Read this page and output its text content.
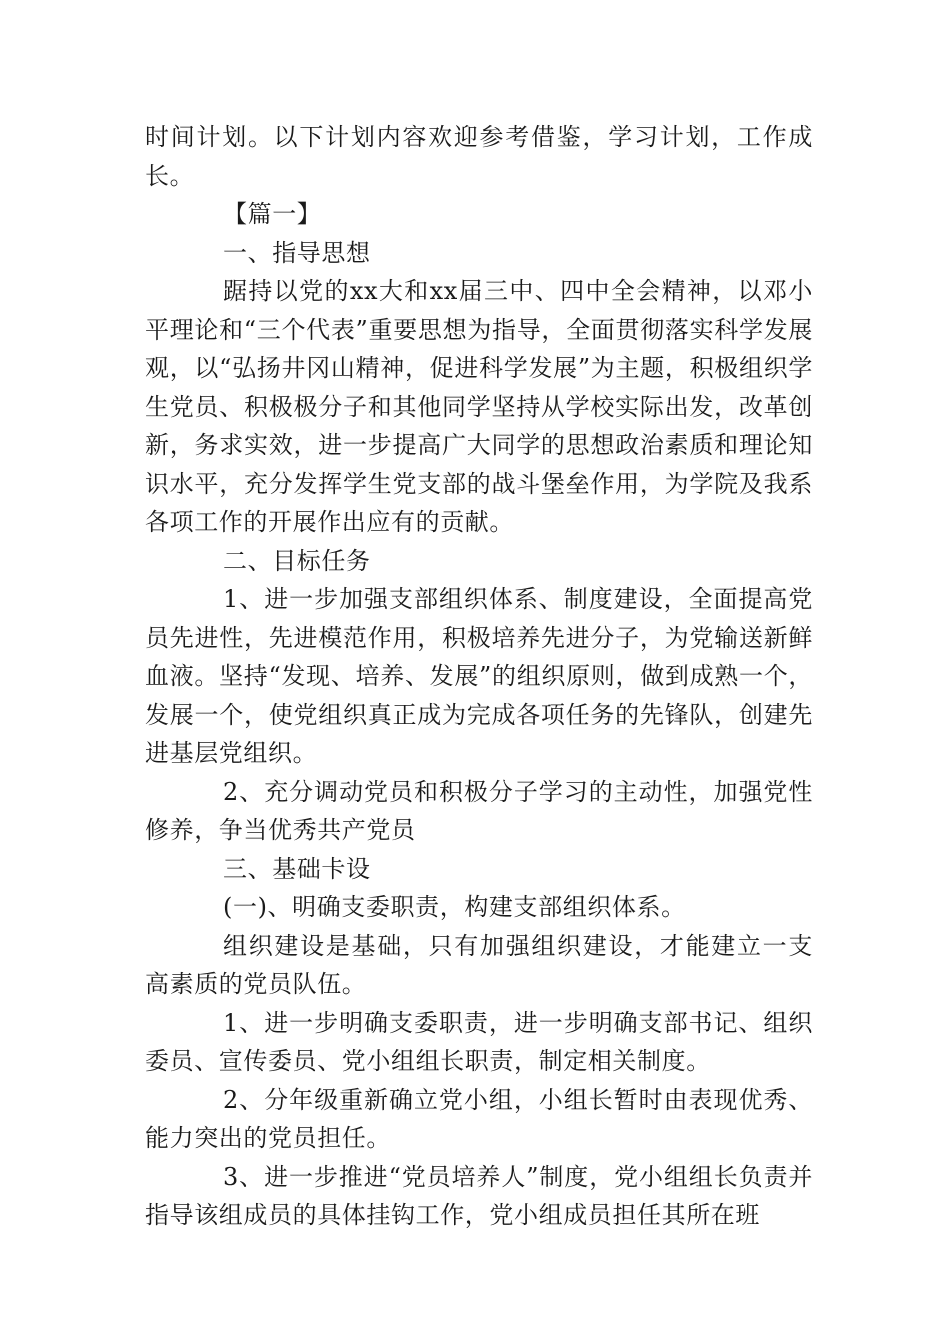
时间计划。以下计划内容欢迎参考借鉴，学习计划，工作成长。

【篇一】

一、指导思想

踞持以党的xx大和xx届三中、四中全会精神，以邓小平理论和“三个代表”重要思想为指导，全面贯彻落实科学发展观，以“弘扬井冈山精神，促进科学发展”为主题，积极组织学生党员、积极极分子和其他同学坚持从学校实际出发，改革创新，务求实效，进一步提高广大同学的思想政治素质和理论知识水平，充分发挥学生党支部的战斗堡垒作用，为学院及我系各项工作的开展作出应有的贡献。

二、目标任务

1、进一步加强支部组织体系、制度建设，全面提高党员先进性，先进模范作用，积极培养先进分子，为党输送新鲜血液。坚持“发现、培养、发展”的组织原则，做到成熟一个，发展一个，使党组织真正成为完成各项任务的先锋队，创建先进基层党组织。

2、充分调动党员和积极分子学习的主动性，加强党性修养，争当优秀共产党员

三、基础卡设

(一)、明确支委职责，构建支部组织体系。

组织建设是基础，只有加强组织建设，才能建立一支高素质的党员队伍。

1、进一步明确支委职责，进一步明确支部书记、组织委员、宣传委员、党小组组长职责，制定相关制度。

2、分年级重新确立党小组，小组长暂时由表现优秀、能力突出的党员担任。

3、进一步推进“党员培养人”制度，党小组组长负责并指导该组成员的具体挂钩工作，党小组成员担任其所在班
